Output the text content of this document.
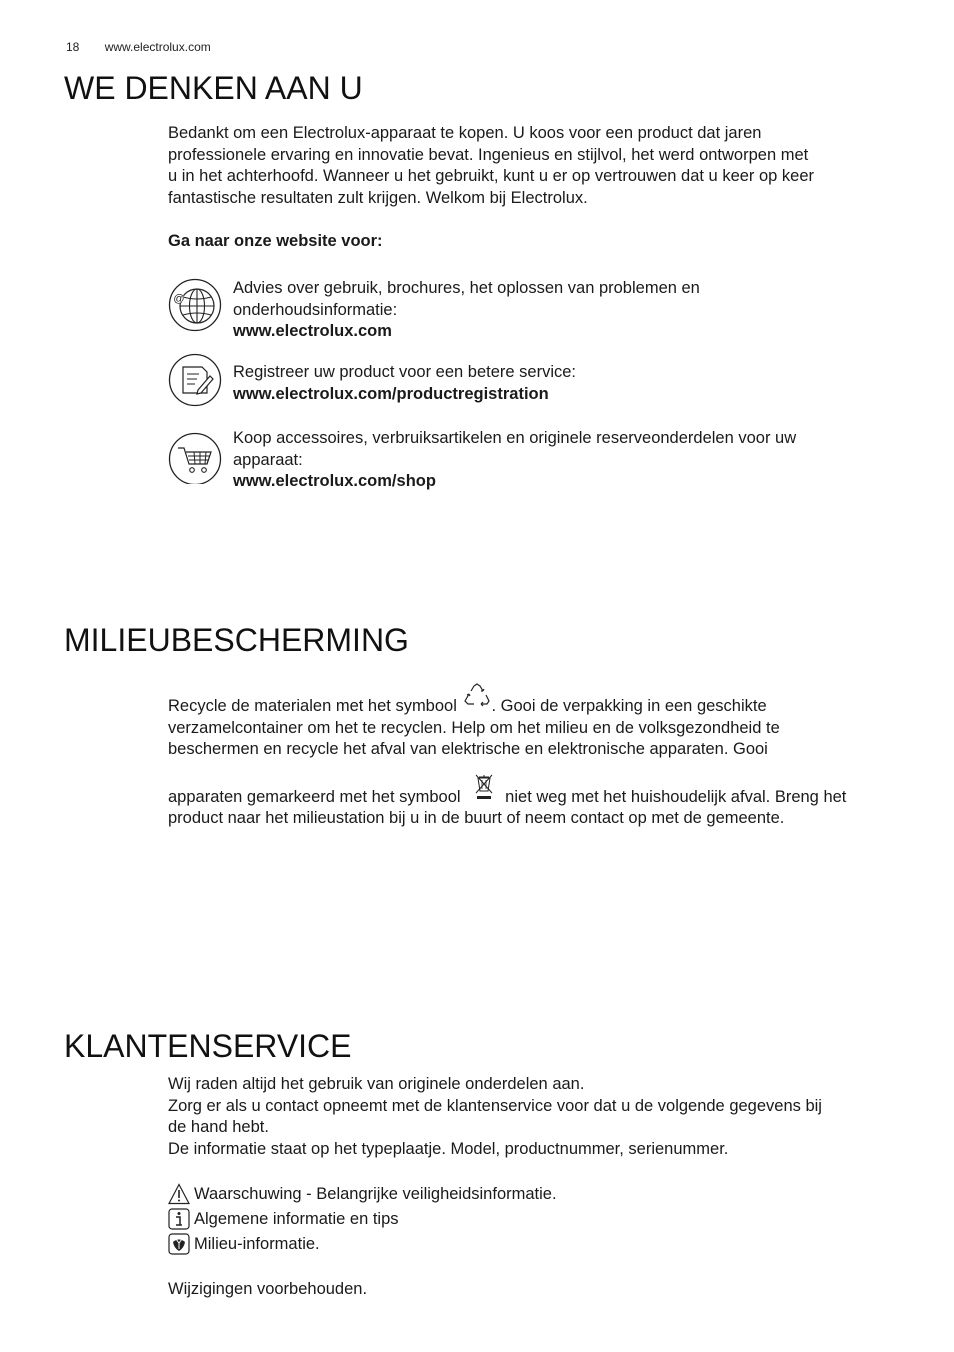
18 www.electrolux.com
WE DENKEN AAN U
Bedankt om een Electrolux-apparaat te kopen. U koos voor een product dat jaren
professionele ervaring en innovatie bevat. Ingenieus en stijlvol, het werd ontworpen met
u in het achterhoofd. Wanneer u het gebruikt, kunt u er op vertrouwen dat u keer op keer
fantastische resultaten zult krijgen. Welkom bij Electrolux.
Ga naar onze website voor:
@
Advies over gebruik, brochures, het oplossen van problemen en
onderhoudsinformatie:
www.electrolux.com
Registreer uw product voor een betere service:
www.electrolux.com/productregistration
Koop accessoires, verbruiksartikelen en originele reserveonderdelen voor uw
apparaat:
www.electrolux.com/shop
MILIEUBESCHERMING
Recycle de materialen met het symbool . Gooi de verpakking in een geschikte
verzamelcontainer om het te recyclen. Help om het milieu en de volksgezondheid te
beschermen en recycle het afval van elektrische en elektronische apparaten. Gooi
apparaten gemarkeerd met het symbool	niet weg met het huishoudelijk afval. Breng het
product naar het milieustation bij u in de buurt of neem contact op met de gemeente.
KLANTENSERVICE
Wij raden altijd het gebruik van originele onderdelen aan.
Zorg er als u contact opneemt met de klantenservice voor dat u de volgende gegevens bij
de hand hebt.
De informatie staat op het typeplaatje. Model, productnummer, serienummer.
Waarschuwing - Belangrijke veiligheidsinformatie.
Algemene informatie en tips
Milieu-informatie.
Wijzigingen voorbehouden.
